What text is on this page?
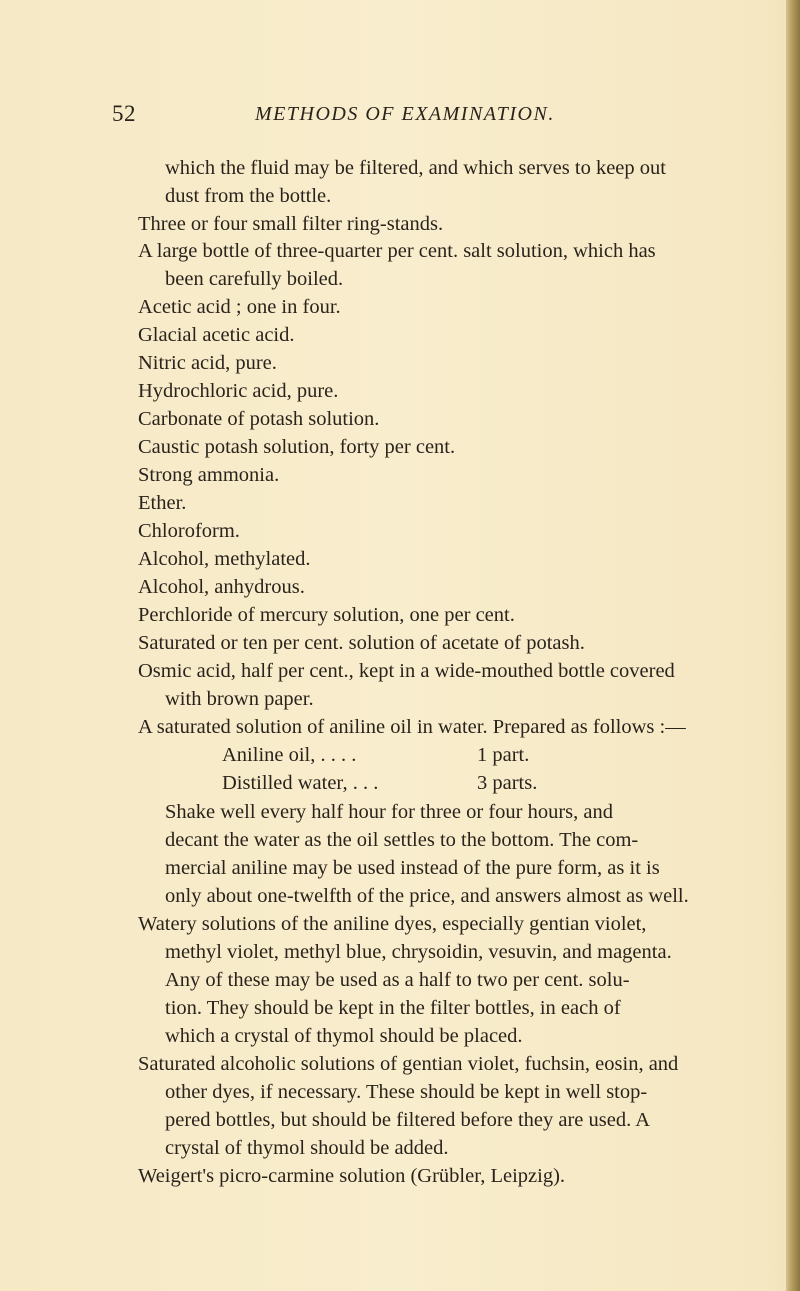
52	METHODS OF EXAMINATION.
which the fluid may be filtered, and which serves to keep out
dust from the bottle.
Three or four small filter ring-stands.
A large bottle of three-quarter per cent. salt solution, which has
been carefully boiled.
Acetic acid ; one in four.
Glacial acetic acid.
Nitric acid, pure.
Hydrochloric acid, pure.
Carbonate of potash solution.
Caustic potash solution, forty per cent.
Strong ammonia.
Ether.
Chloroform.
Alcohol, methylated.
Alcohol, anhydrous.
Perchloride of mercury solution, one per cent.
Saturated or ten per cent. solution of acetate of potash.
Osmic acid, half per cent., kept in a wide-mouthed bottle covered
with brown paper.
A saturated solution of aniline oil in water. Prepared as follows :—
Aniline oil, . . . .	1 part.
Distilled water, . . .	3 parts.
Shake well every half hour for three or four hours, and
decant the water as the oil settles to the bottom. The com-
mercial aniline may be used instead of the pure form, as it is
only about one-twelfth of the price, and answers almost as well.
Watery solutions of the aniline dyes, especially gentian violet,
methyl violet, methyl blue, chrysoidin, vesuvin, and magenta.
Any of these may be used as a half to two per cent. solu-
tion. They should be kept in the filter bottles, in each of
which a crystal of thymol should be placed.
Saturated alcoholic solutions of gentian violet, fuchsin, eosin, and
other dyes, if necessary. These should be kept in well stop-
pered bottles, but should be filtered before they are used. A
crystal of thymol should be added.
Weigert's picro-carmine solution (Grübler, Leipzig).
